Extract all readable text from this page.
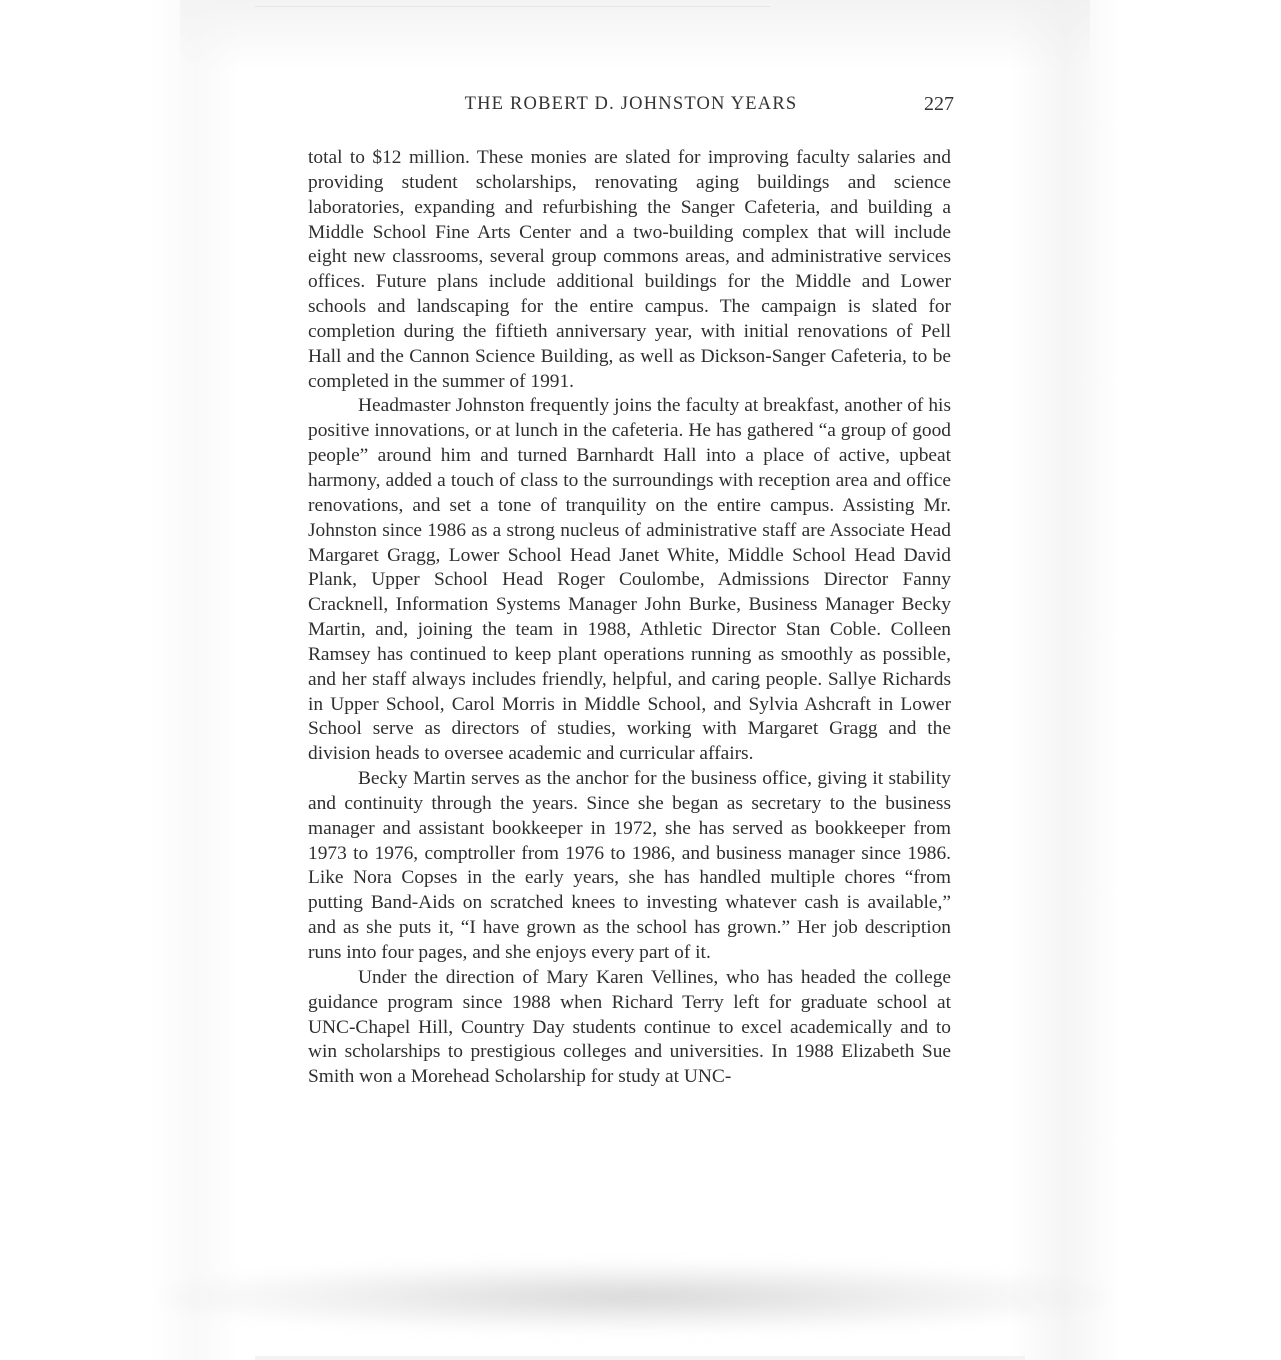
THE ROBERT D. JOHNSTON YEARS	227

total to $12 million. These monies are slated for improving faculty salaries and providing student scholarships, renovating aging buildings and science laboratories, expanding and refurbishing the Sanger Cafeteria, and building a Middle School Fine Arts Center and a two-building complex that will include eight new classrooms, several group commons areas, and administrative services offices. Future plans include additional buildings for the Middle and Lower schools and landscaping for the entire campus. The campaign is slated for completion during the fiftieth anniversary year, with initial renovations of Pell Hall and the Cannon Science Building, as well as Dickson-Sanger Cafeteria, to be completed in the summer of 1991.

Headmaster Johnston frequently joins the faculty at breakfast, another of his positive innovations, or at lunch in the cafeteria. He has gathered “a group of good people” around him and turned Barnhardt Hall into a place of active, upbeat harmony, added a touch of class to the surroundings with reception area and office renovations, and set a tone of tranquility on the entire campus. Assisting Mr. Johnston since 1986 as a strong nucleus of administrative staff are Associate Head Margaret Gragg, Lower School Head Janet White, Middle School Head David Plank, Upper School Head Roger Coulombe, Admissions Director Fanny Cracknell, Information Systems Manager John Burke, Business Manager Becky Martin, and, joining the team in 1988, Athletic Director Stan Coble. Colleen Ramsey has continued to keep plant operations running as smoothly as possible, and her staff always includes friendly, helpful, and caring people. Sallye Richards in Upper School, Carol Morris in Middle School, and Sylvia Ashcraft in Lower School serve as directors of studies, working with Margaret Gragg and the division heads to oversee academic and curricular affairs.

Becky Martin serves as the anchor for the business office, giving it stability and continuity through the years. Since she began as secretary to the business manager and assistant bookkeeper in 1972, she has served as bookkeeper from 1973 to 1976, comptroller from 1976 to 1986, and business manager since 1986. Like Nora Copses in the early years, she has handled multiple chores “from putting Band-Aids on scratched knees to investing whatever cash is available,” and as she puts it, “I have grown as the school has grown.” Her job description runs into four pages, and she enjoys every part of it.

Under the direction of Mary Karen Vellines, who has headed the college guidance program since 1988 when Richard Terry left for graduate school at UNC-Chapel Hill, Country Day students continue to excel academically and to win scholarships to prestigious colleges and universities. In 1988 Elizabeth Sue Smith won a Morehead Scholarship for study at UNC-
